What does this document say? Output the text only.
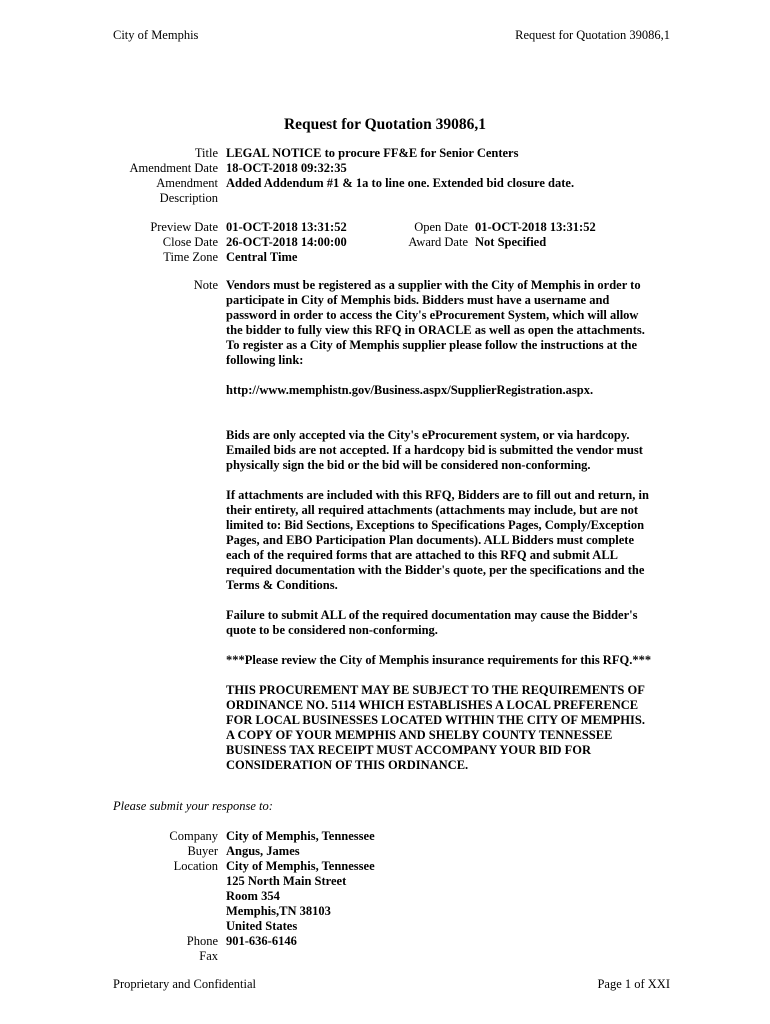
City of Memphis	Request for Quotation 39086,1
Request for Quotation 39086,1
Title LEGAL NOTICE to procure FF&E for Senior Centers
Amendment Date 18-OCT-2018 09:32:35
Amendment
Description
Added Addendum #1 & 1a to line one. Extended bid closure date.
Preview Date 01-OCT-2018 13:31:52
Close Date 26-OCT-2018 14:00:00
Time Zone Central Time
Open Date 01-OCT-2018 13:31:52
Award Date Not Specified
Note Vendors must be registered as a supplier with the City of Memphis in order to
participate in City of Memphis bids. Bidders must have a username and
password in order to access the City's eProcurement System, which will allow
the bidder to fully view this RFQ in ORACLE as well as open the attachments.
To register as a City of Memphis supplier please follow the instructions at the
following link:

http://www.memphistn.gov/Business.aspx/SupplierRegistration.aspx.

Bids are only accepted via the City's eProcurement system, or via hardcopy.
Emailed bids are not accepted. If a hardcopy bid is submitted the vendor must
physically sign the bid or the bid will be considered non-conforming.

If attachments are included with this RFQ, Bidders are to fill out and return, in
their entirety, all required attachments (attachments may include, but are not
limited to: Bid Sections, Exceptions to Specifications Pages, Comply/Exception
Pages, and EBO Participation Plan documents). ALL Bidders must complete
each of the required forms that are attached to this RFQ and submit ALL
required documentation with the Bidder's quote, per the specifications and the
Terms & Conditions.

Failure to submit ALL of the required documentation may cause the Bidder's
quote to be considered non-conforming.

***Please review the City of Memphis insurance requirements for this RFQ.***

THIS PROCUREMENT MAY BE SUBJECT TO THE REQUIREMENTS OF
ORDINANCE NO. 5114 WHICH ESTABLISHES A LOCAL PREFERENCE
FOR LOCAL BUSINESSES LOCATED WITHIN THE CITY OF MEMPHIS.
A COPY OF YOUR MEMPHIS AND SHELBY COUNTY TENNESSEE
BUSINESS TAX RECEIPT MUST ACCOMPANY YOUR BID FOR
CONSIDERATION OF THIS ORDINANCE.

Please submit your response to:
Company
Buyer
Location
Phone
Fax
City of Memphis, Tennessee
Angus, James
City of Memphis, Tennessee
125 North Main Street
Room 354
Memphis,TN 38103
United States
901-636-6146
Proprietary and Confidential	Page 1 of XXI
